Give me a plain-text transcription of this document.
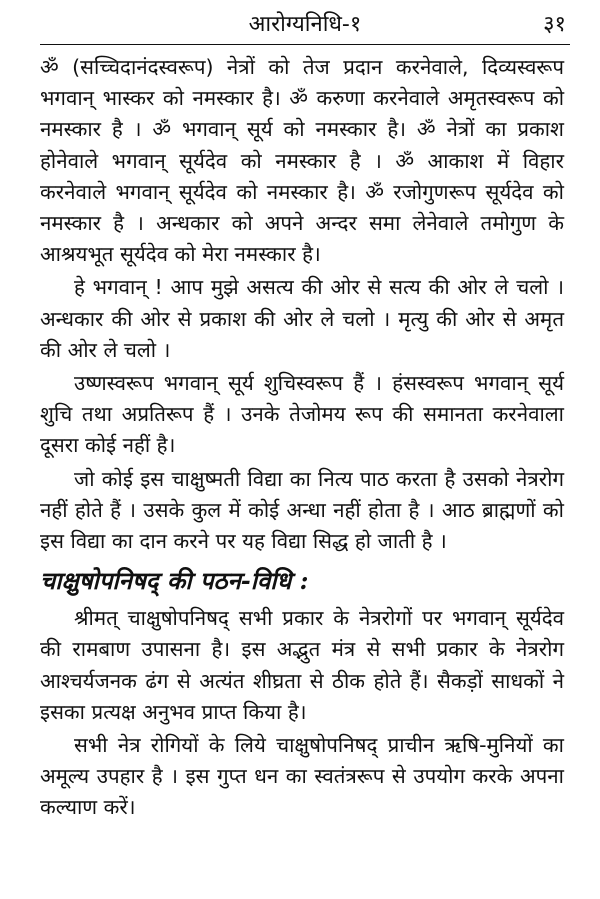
आरोग्यनिधि-१	३१

ॐ (सच्चिदानंदस्वरूप) नेत्रों को तेज प्रदान करनेवाले, दिव्यस्वरूप भगवान् भास्कर को नमस्कार है। ॐ करुणा करनेवाले अमृतस्वरूप को नमस्कार है । ॐ भगवान् सूर्य को नमस्कार है। ॐ नेत्रों का प्रकाश होनेवाले भगवान् सूर्यदेव को नमस्कार है । ॐ आकाश में विहार करनेवाले भगवान् सूर्यदेव को नमस्कार है। ॐ रजोगुणरूप सूर्यदेव को नमस्कार है । अन्धकार को अपने अन्दर समा लेनेवाले तमोगुण के आश्रयभूत सूर्यदेव को मेरा नमस्कार है।

हे भगवान् ! आप मुझे असत्य की ओर से सत्य की ओर ले चलो । अन्धकार की ओर से प्रकाश की ओर ले चलो । मृत्यु की ओर से अमृत की ओर ले चलो ।

उष्णस्वरूप भगवान् सूर्य शुचिस्वरूप हैं । हंसस्वरूप भगवान् सूर्य शुचि तथा अप्रतिरूप हैं । उनके तेजोमय रूप की समानता करनेवाला दूसरा कोई नहीं है।

जो कोई इस चाक्षुष्मती विद्या का नित्य पाठ करता है उसको नेत्ररोग नहीं होते हैं । उसके कुल में कोई अन्धा नहीं होता है । आठ ब्राह्मणों को इस विद्या का दान करने पर यह विद्या सिद्ध हो जाती है ।

चाक्षुषोपनिषद् की पठन-विधि :

श्रीमत् चाक्षुषोपनिषद् सभी प्रकार के नेत्ररोगों पर भगवान् सूर्यदेव की रामबाण उपासना है। इस अद्भुत मंत्र से सभी प्रकार के नेत्ररोग आश्चर्यजनक ढंग से अत्यंत शीघ्रता से ठीक होते हैं। सैकड़ों साधकों ने इसका प्रत्यक्ष अनुभव प्राप्त किया है।

सभी नेत्र रोगियों के लिये चाक्षुषोपनिषद् प्राचीन ऋषि-मुनियों का अमूल्य उपहार है । इस गुप्त धन का स्वतंत्ररूप से उपयोग करके अपना कल्याण करें।
